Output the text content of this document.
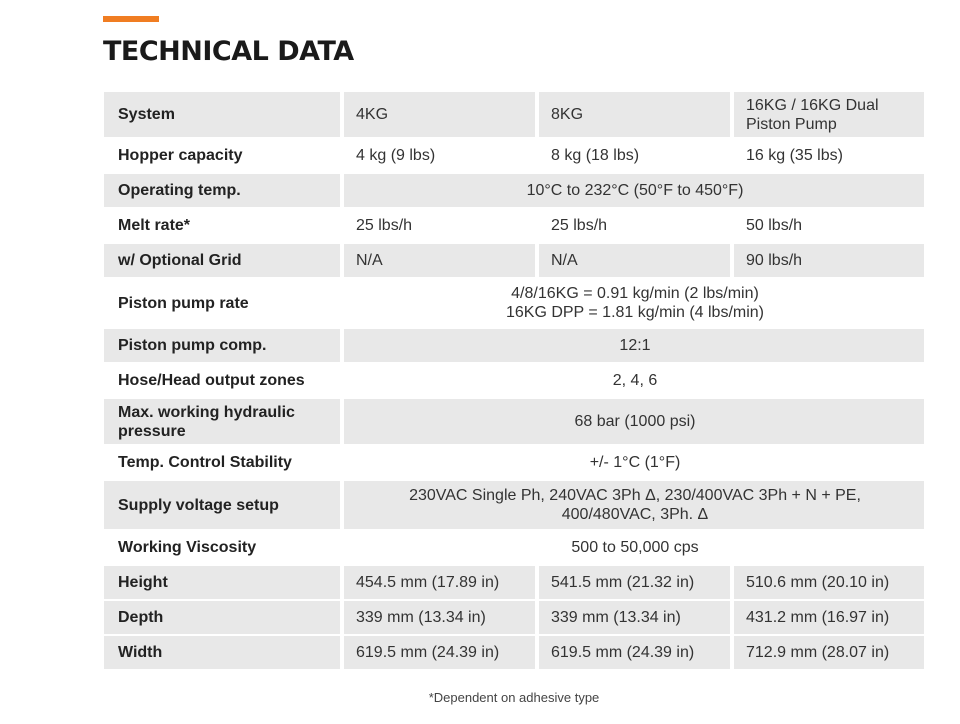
TECHNICAL DATA
System	4KG	8KG	16KG / 16KG Dual Piston Pump
Hopper capacity	4 kg (9 lbs)	8 kg (18 lbs)	16 kg (35 lbs)
Operating temp.	10°C to 232°C (50°F to 450°F)		
Melt rate*	25 lbs/h	25 lbs/h	50 lbs/h
w/ Optional Grid	N/A	N/A	90 lbs/h
Piston pump rate	4/8/16KG = 0.91 kg/min (2 lbs/min)
16KG DPP = 1.81 kg/min (4 lbs/min)		

Piston pump comp.	12:1		
Hose/Head output zones	2, 4, 6		
Max. working hydraulic pressure	68 bar (1000 psi)		
Temp. Control Stability	+/- 1°C (1°F)		
Supply voltage setup	230VAC Single Ph, 240VAC 3Ph Δ, 230/400VAC 3Ph + N + PE,
400/480VAC, 3Ph. Δ		

Working Viscosity	500 to 50,000 cps		
Height	454.5 mm (17.89 in)	541.5 mm (21.32 in)	510.6 mm (20.10 in)
Depth	339 mm (13.34 in)	339 mm (13.34 in)	431.2 mm (16.97 in)
Width	619.5 mm (24.39 in)	619.5 mm (24.39 in)	712.9 mm (28.07 in)
*Dependent on adhesive type
